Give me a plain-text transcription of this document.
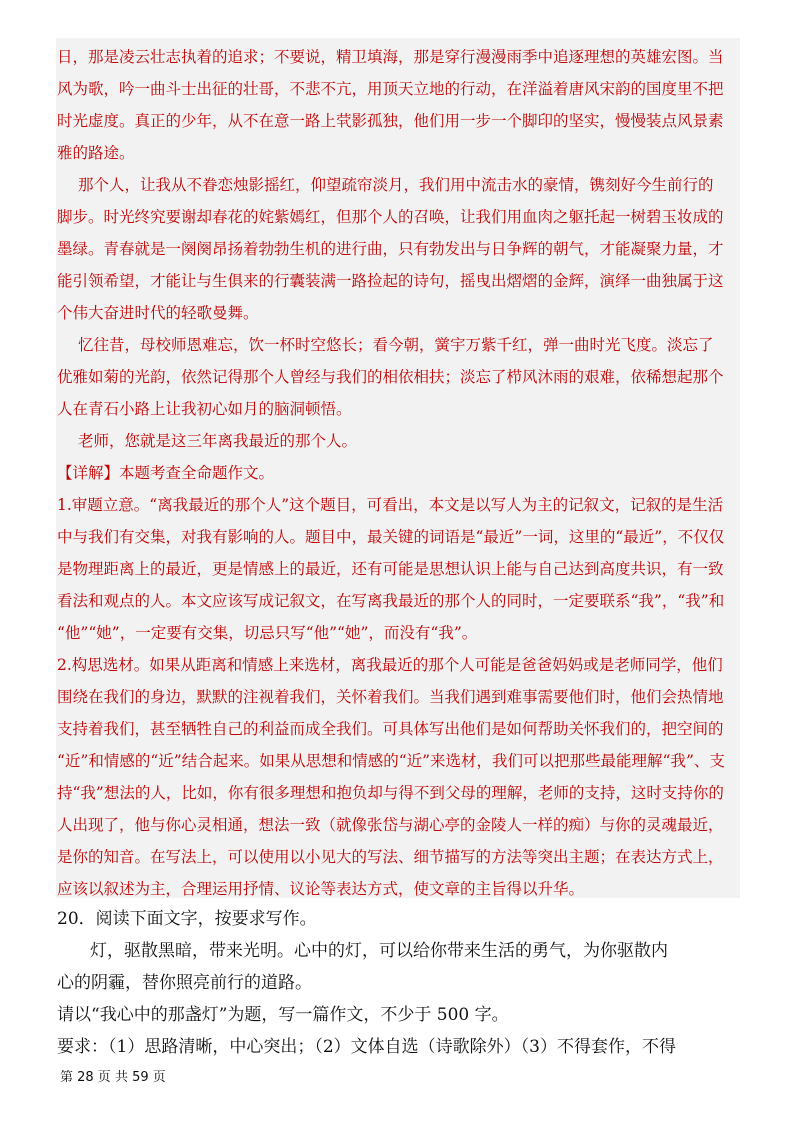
日，那是凌云壮志执着的追求；不要说，精卫填海，那是穿行漫漫雨季中追逐理想的英雄宏图。当
风为歌，吟一曲斗士出征的壮哥，不悲不亢，用顶天立地的行动，在洋溢着唐风宋韵的国度里不把
时光虚度。真正的少年，从不在意一路上茕影孤独，他们用一步一个脚印的坚实，慢慢装点风景素
雅的路途。
那个人，让我从不眷恋烛影摇红，仰望疏帘淡月，我们用中流击水的豪情，镌刻好今生前行的
脚步。时光终究要谢却春花的姹紫嫣红，但那个人的召唤，让我们用血肉之躯托起一树碧玉妆成的
墨绿。青春就是一阕阕昂扬着勃勃生机的进行曲，只有勃发出与日争辉的朝气，才能凝聚力量，才
能引领希望，才能让与生俱来的行囊装满一路捡起的诗句，摇曳出熠熠的金辉，演绎一曲独属于这
个伟大奋进时代的轻歌曼舞。
忆往昔，母校师恩难忘，饮一杯时空悠长；看今朝，黉宇万紫千红，弹一曲时光飞度。淡忘了
优雅如菊的光韵，依然记得那个人曾经与我们的相依相扶；淡忘了栉风沐雨的艰难，依稀想起那个
人在青石小路上让我初心如月的脑洞顿悟。
老师，您就是这三年离我最近的那个人。
【详解】本题考查全命题作文。
1.审题立意。“离我最近的那个人”这个题目，可看出，本文是以写人为主的记叙文，记叙的是生活
中与我们有交集，对我有影响的人。题目中，最关键的词语是“最近”一词，这里的“最近”，不仅仅
是物理距离上的最近，更是情感上的最近，还有可能是思想认识上能与自己达到高度共识，有一致
看法和观点的人。本文应该写成记叙文，在写离我最近的那个人的同时，一定要联系“我”，“我”和
“他”“她”，一定要有交集，切忌只写“他”“她”，而没有“我”。
2.构思选材。如果从距离和情感上来选材，离我最近的那个人可能是爸爸妈妈或是老师同学，他们
围绕在我们的身边，默默的注视着我们，关怀着我们。当我们遇到难事需要他们时，他们会热情地
支持着我们，甚至牺牲自己的利益而成全我们。可具体写出他们是如何帮助关怀我们的，把空间的
“近”和情感的“近”结合起来。如果从思想和情感的“近”来选材，我们可以把那些最能理解“我”、支
持“我”想法的人，比如，你有很多理想和抱负却与得不到父母的理解，老师的支持，这时支持你的
人出现了，他与你心灵相通，想法一致（就像张岱与湖心亭的金陵人一样的痴）与你的灵魂最近，
是你的知音。在写法上，可以使用以小见大的写法、细节描写的方法等突出主题；在表达方式上，
应该以叙述为主，合理运用抒情、议论等表达方式，使文章的主旨得以升华。
20．阅读下面文字，按要求写作。
灯，驱散黑暗，带来光明。心中的灯，可以给你带来生活的勇气，为你驱散内
心的阴霾，替你照亮前行的道路。
请以“我心中的那盏灯”为题，写一篇作文，不少于 500 字。
要求：（1）思路清晰，中心突出；（2）文体自选（诗歌除外）（3）不得套作，不得
第 28 页 共 59 页
